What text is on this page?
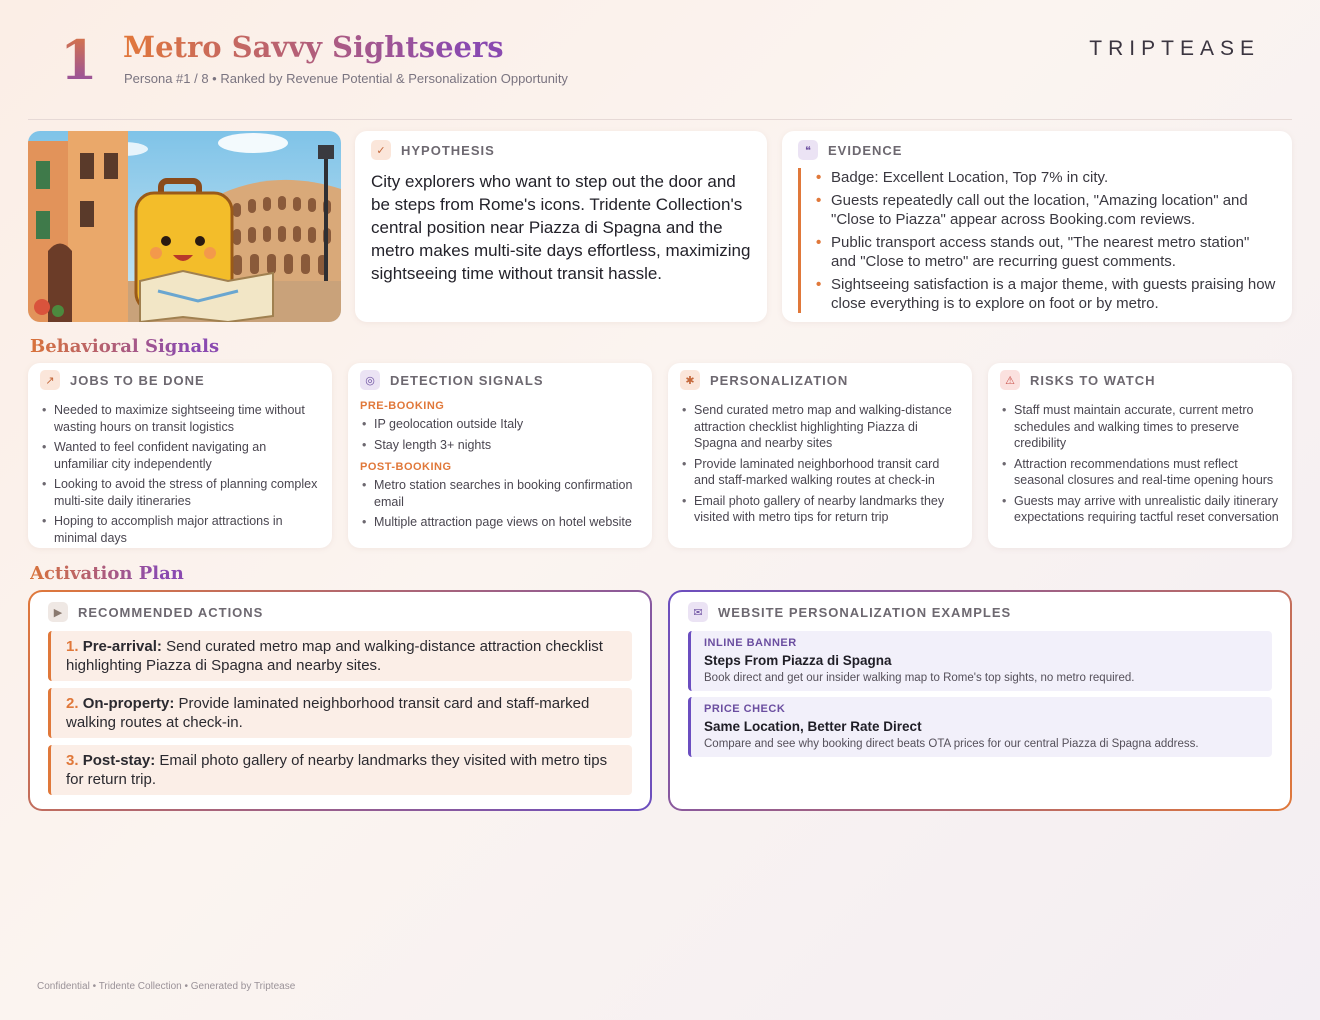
1 Metro Savvy Sightseers
Persona #1 / 8 • Ranked by Revenue Potential & Personalization Opportunity
TRIPTEASE
✓	HYPOTHESIS

City explorers who want to step out the door and be steps from Rome's icons. Tridente Collection's central position near Piazza di Spagna and the metro makes multi-site days effortless, maximizing sightseeing time without transit hassle.

❝	EVIDENCE
• Badge: Excellent Location, Top 7% in city.
• Guests repeatedly call out the location, "Amazing location" and "Close to Piazza" appear across Booking.com reviews.
• Public transport access stands out, "The nearest metro station" and "Close to metro" are recurring guest comments.
• Sightseeing satisfaction is a major theme, with guests praising how close everything is to explore on foot or by metro.
Behavioral Signals
↗	JOBS TO BE DONE
• Needed to maximize sightseeing time without wasting hours on transit logistics
• Wanted to feel confident navigating an unfamiliar city independently
• Looking to avoid the stress of planning complex multi-site daily itineraries
• Hoping to accomplish major attractions in minimal days
◎	DETECTION SIGNALS
PRE-BOOKING
• IP geolocation outside Italy
• Stay length 3+ nights
POST-BOOKING
• Metro station searches in booking confirmation email
• Multiple attraction page views on hotel website
✱	PERSONALIZATION
• Send curated metro map and walking-distance attraction checklist highlighting Piazza di Spagna and nearby sites
• Provide laminated neighborhood transit card and staff-marked walking routes at check-in
• Email photo gallery of nearby landmarks they visited with metro tips for return trip
⚠	RISKS TO WATCH
• Staff must maintain accurate, current metro schedules and walking times to preserve credibility
• Attraction recommendations must reflect seasonal closures and real-time opening hours
• Guests may arrive with unrealistic daily itinerary expectations requiring tactful reset conversation
Activation Plan
▶	RECOMMENDED ACTIONS
1. Pre-arrival: Send curated metro map and walking-distance attraction checklist highlighting Piazza di Spagna and nearby sites.
2. On-property: Provide laminated neighborhood transit card and staff-marked walking routes at check-in.
3. Post-stay: Email photo gallery of nearby landmarks they visited with metro tips for return trip.
✉	WEBSITE PERSONALIZATION EXAMPLES
INLINE BANNER
Steps From Piazza di Spagna
Book direct and get our insider walking map to Rome's top sights, no metro required.
PRICE CHECK
Same Location, Better Rate Direct
Compare and see why booking direct beats OTA prices for our central Piazza di Spagna address.
Confidential • Tridente Collection • Generated by Triptease
